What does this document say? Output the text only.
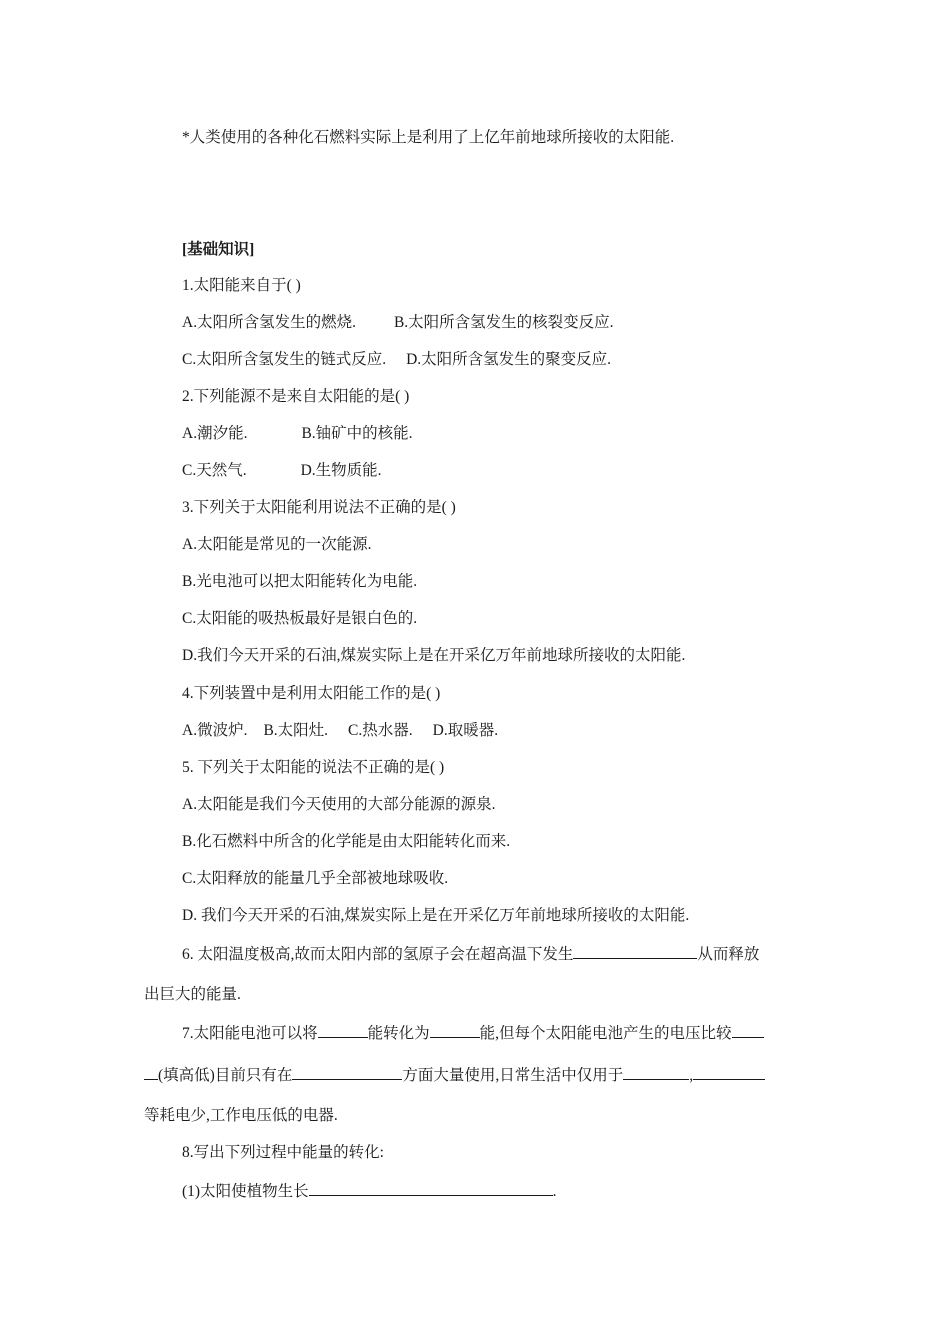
*人类使用的各种化石燃料实际上是利用了上亿年前地球所接收的太阳能.
[基础知识]
1.太阳能来自于( )
A.太阳所含氢发生的燃烧. B.太阳所含氢发生的核裂变反应.
C.太阳所含氢发生的链式反应. D.太阳所含氢发生的聚变反应.
2.下列能源不是来自太阳能的是( )
A.潮汐能.	B.铀矿中的核能.
C.天然气.	D.生物质能.
3.下列关于太阳能利用说法不正确的是( )
A.太阳能是常见的一次能源.
B.光电池可以把太阳能转化为电能.
C.太阳能的吸热板最好是银白色的.
D.我们今天开采的石油,煤炭实际上是在开采亿万年前地球所接收的太阳能.
4.下列装置中是利用太阳能工作的是( )
A.微波炉. B.太阳灶. C.热水器. D.取暖器.
5. 下列关于太阳能的说法不正确的是( )
A.太阳能是我们今天使用的大部分能源的源泉.
B.化石燃料中所含的化学能是由太阳能转化而来.
C.太阳释放的能量几乎全部被地球吸收.
D. 我们今天开采的石油,煤炭实际上是在开采亿万年前地球所接收的太阳能.
6. 太阳温度极高,故而太阳内部的氢原子会在超高温下发生	从而释放
出巨大的能量.
7.太阳能电池可以将	能转化为	能,但每个太阳能电池产生的电压比较
(填高低)目前只有在	方面大量使用,日常生活中仅用于	,
等耗电少,工作电压低的电器.
8.写出下列过程中能量的转化:
(1)太阳使植物生长	.
